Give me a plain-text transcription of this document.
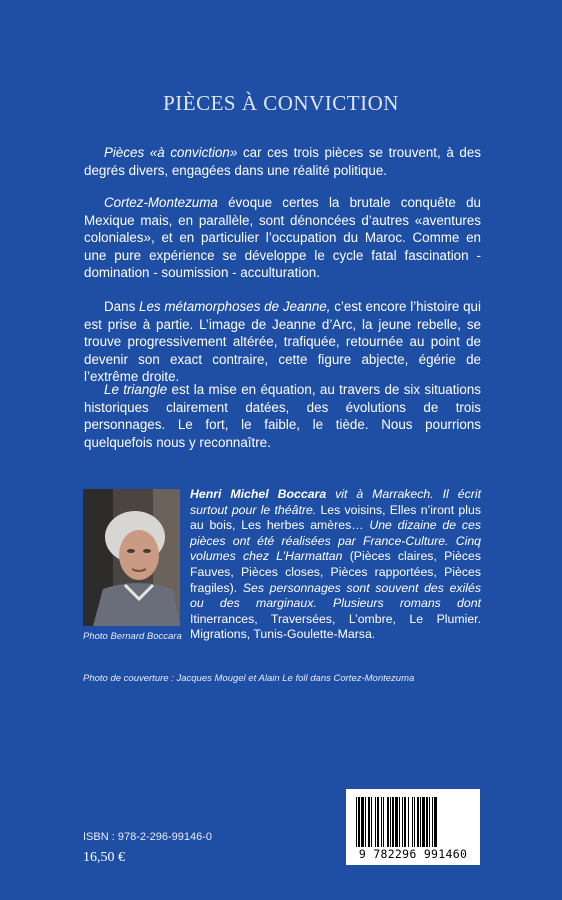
PIÈCES À CONVICTION

Pièces «à conviction» car ces trois pièces se trouvent, à des degrés divers, engagées dans une réalité politique.

Cortez-Montezuma évoque certes la brutale conquête du Mexique mais, en parallèle, sont dénoncées d’autres «aventures coloniales», et en particulier l’occupation du Maroc. Comme en une pure expérience se développe le cycle fatal fascination - domination - soumission - acculturation.

Dans Les métamorphoses de Jeanne, c’est encore l’histoire qui est prise à partie. L’image de Jeanne d’Arc, la jeune rebelle, se trouve progressivement altérée, trafiquée, retournée au point de devenir son exact contraire, cette figure abjecte, égérie de l’extrême droite.

Le triangle est la mise en équation, au travers de six situations historiques clairement datées, des évolutions de trois personnages. Le fort, le faible, le tiède. Nous pourrions quelquefois nous y reconnaître.

Photo Bernard Boccara
Henri Michel Boccara vit à Marrakech. Il écrit surtout pour le théâtre. Les voisins, Elles n’iront plus au bois, Les herbes amères… Une dizaine de ces pièces ont été réalisées par France-Culture. Cinq volumes chez L’Harmattan (Pièces claires, Pièces Fauves, Pièces closes, Pièces rapportées, Pièces fragiles). Ses personnages sont souvent des exilés ou des marginaux. Plusieurs romans dont Itinerrances, Traversées, L’ombre, Le Plumier. Migrations, Tunis-Goulette-Marsa.
Photo de couverture : Jacques Mougel et Alain Le foll dans Cortez-Montezuma
ISBN : 978-2-296-99146-0
16,50 €	9 782296 991460
